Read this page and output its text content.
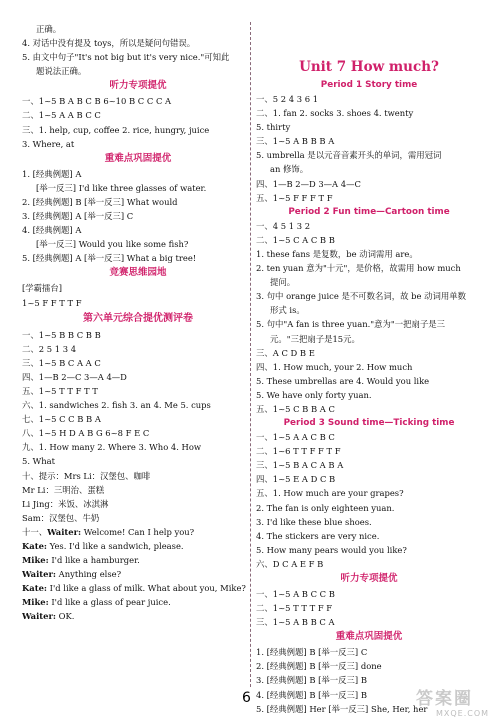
正确。
4. 对话中没有提及 toys，所以是疑问句错误。
5. 由文中句子"It's not big but it's very nice."可知此
题说法正确。
听力专项提优
一、1~5 B A B C B 6~10 B C C C A
二、1~5 A A B C C
三、1. help, cup, coffee 2. rice, hungry, juice
3. Where, at
重难点巩固提优
1. [经典例题] A
[举一反三] I'd like three glasses of water.
2. [经典例题] B [举一反三] What would
3. [经典例题] A [举一反三] C
4. [经典例题] A
[举一反三] Would you like some fish?
5. [经典例题] A [举一反三] What a big tree!
竞赛思维园地
[学霸擂台]
1~5 F F T T F
第六单元综合提优测评卷
一、1~5 B B C B B
二、2 5 1 3 4
三、1~5 B C A A C
四、1—B 2—C 3—A 4—D
五、1~5 T T F T T
六、1. sandwiches 2. fish 3. an 4. Me 5. cups
七、1~5 C C B B A
八、1~5 H D A B G 6~8 F E C
九、1. How many 2. Where 3. Who 4. How
5. What
十、提示：Mrs Li：汉堡包、咖啡
Mr Li：三明治、蛋糕
Li Jing：米饭、冰淇淋
Sam：汉堡包、牛奶
十一、Waiter: Welcome! Can I help you?
Kate: Yes. I'd like a sandwich, please.
Mike: I'd like a hamburger.
Waiter: Anything else?
Kate: I'd like a glass of milk. What about you, Mike?
Mike: I'd like a glass of pear juice.
Waiter: OK.
Unit 7 How much?
Period 1 Story time
一、5 2 4 3 6 1
二、1. fan 2. socks 3. shoes 4. twenty
5. thirty
三、1~5 A B B B A
5. umbrella 是以元音音素开头的单词，需用冠词
an 修饰。
四、1—B 2—D 3—A 4—C
五、1~5 F F F T F
Period 2 Fun time—Cartoon time
一、4 5 1 3 2
二、1~5 C A C B B
1. these fans 是复数，be 动词需用 are。
2. ten yuan 意为"十元"，是价格，故需用 how much
提问。
3. 句中 orange juice 是不可数名词，故 be 动词用单数
形式 is。
5. 句中"A fan is three yuan."意为"一把扇子是三
元。"三把扇子是15元。
三、A C D B E
四、1. How much, your 2. How much
5. These umbrellas are 4. Would you like
5. We have only forty yuan.
五、1~5 C B B A C
Period 3 Sound time—Ticking time
一、1~5 A A C B C
二、1~6 T T F F T F
三、1~5 B A C A B A
四、1~5 E A D C B
五、1. How much are your grapes?
2. The fan is only eighteen yuan.
3. I'd like these blue shoes.
4. The stickers are very nice.
5. How many pears would you like?
六、D C A E F B
听力专项提优
一、1~5 A B C C B
二、1~5 T T T F F
三、1~5 A B B C A
重难点巩固提优
1. [经典例题] B [举一反三] C
2. [经典例题] B [举一反三] done
3. [经典例题] B [举一反三] B
4. [经典例题] B [举一反三] B
5. [经典例题] Her [举一反三] She, Her, her
6	答案圈
MXQE.COM
